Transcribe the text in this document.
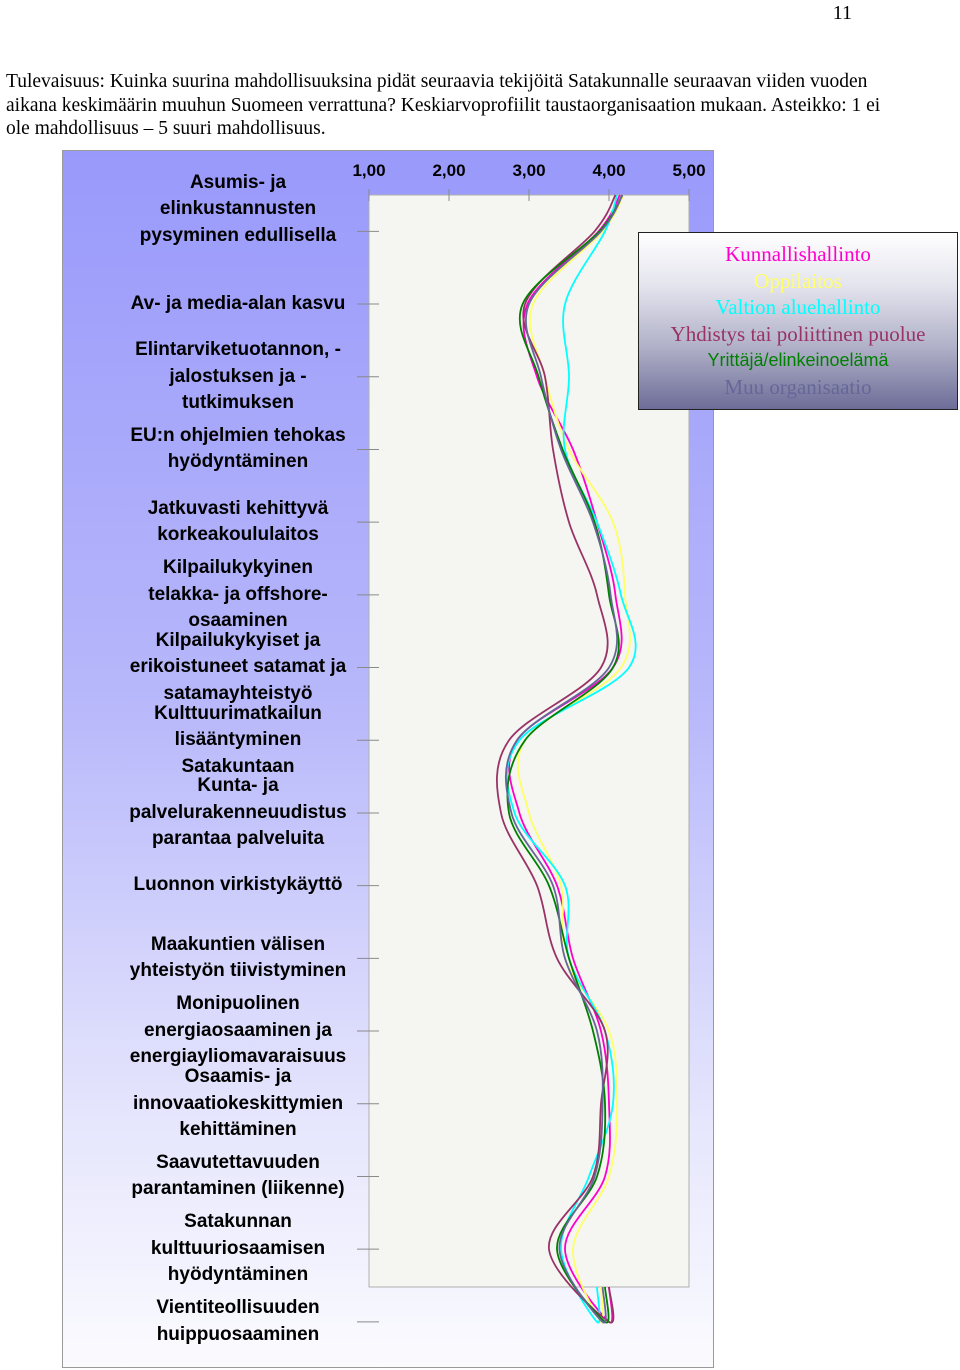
11
Tulevaisuus: Kuinka suurina mahdollisuuksina pidät seuraavia tekijöitä Satakunnalle seuraavan viiden vuoden aikana keskimäärin muuhun Suomeen verrattuna? Keskiarvoprofiilit taustaorganisaation mukaan. Asteikko: 1 ei ole mahdollisuus – 5 suuri mahdollisuus.
1,00	2,00	3,00	4,00	5,00
Asumis- ja
elinkustannusten
pysyminen edullisella
Av- ja media-alan kasvu
Elintarviketuotannon, -
jalostuksen ja -
tutkimuksen
EU:n ohjelmien tehokas
hyödyntäminen
Jatkuvasti kehittyvä
korkeakoululaitos
Kilpailukykyinen
telakka- ja offshore-
osaaminen
Kilpailukykyiset ja
erikoistuneet satamat ja
satamayhteistyö
Kulttuurimatkailun
lisääntyminen
Satakuntaan
Kunta- ja
palvelurakenneuudistus
parantaa palveluita
Luonnon virkistykäyttö
Maakuntien välisen
yhteistyön tiivistyminen
Monipuolinen
energiaosaaminen ja
energiayliomavaraisuus
Osaamis- ja
innovaatiokeskittymien
kehittäminen
Saavutettavuuden
parantaminen (liikenne)
Satakunnan
kulttuuriosaamisen
hyödyntäminen
Vientiteollisuuden
huippuosaaminen
Kunnallishallinto
Oppilaitos
Valtion aluehallinto
Yhdistys tai poliittinen puolue
Yrittäjä/elinkeinoelämä
Muu organisaatio
